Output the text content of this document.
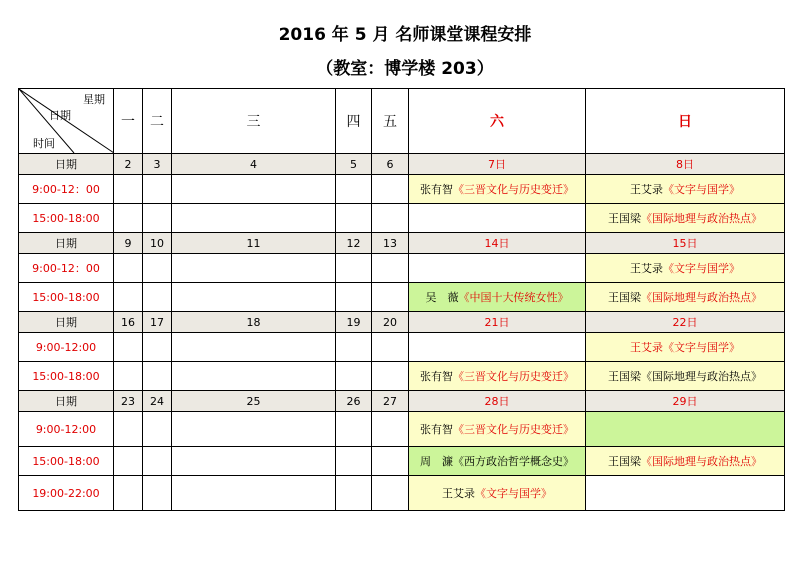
2016 年 5 月 名师课堂课程安排
（教室：博学楼 203）
星期
日期
时间	一	二	三	四	五	六	日
日期	2	3	4	5	6	7日	8日
9:00-12：00						张有智《三晋文化与历史变迁》	王艾录《文字与国学》
15:00-18:00							王国梁《国际地理与政治热点》
日期	9	10	11	12	13	14日	15日
9:00-12：00							王艾录《文字与国学》
15:00-18:00						吴　薇《中国十大传统女性》	王国梁《国际地理与政治热点》
日期	16	17	18	19	20	21日	22日
9:00-12:00							王艾录《文字与国学》
15:00-18:00						张有智《三晋文化与历史变迁》	王国梁《国际地理与政治热点》
日期	23	24	25	26	27	28日	29日
9:00-12:00						张有智《三晋文化与历史变迁》	
15:00-18:00						周　濂《西方政治哲学概念史》	王国梁《国际地理与政治热点》
19:00-22:00						王艾录《文字与国学》	
